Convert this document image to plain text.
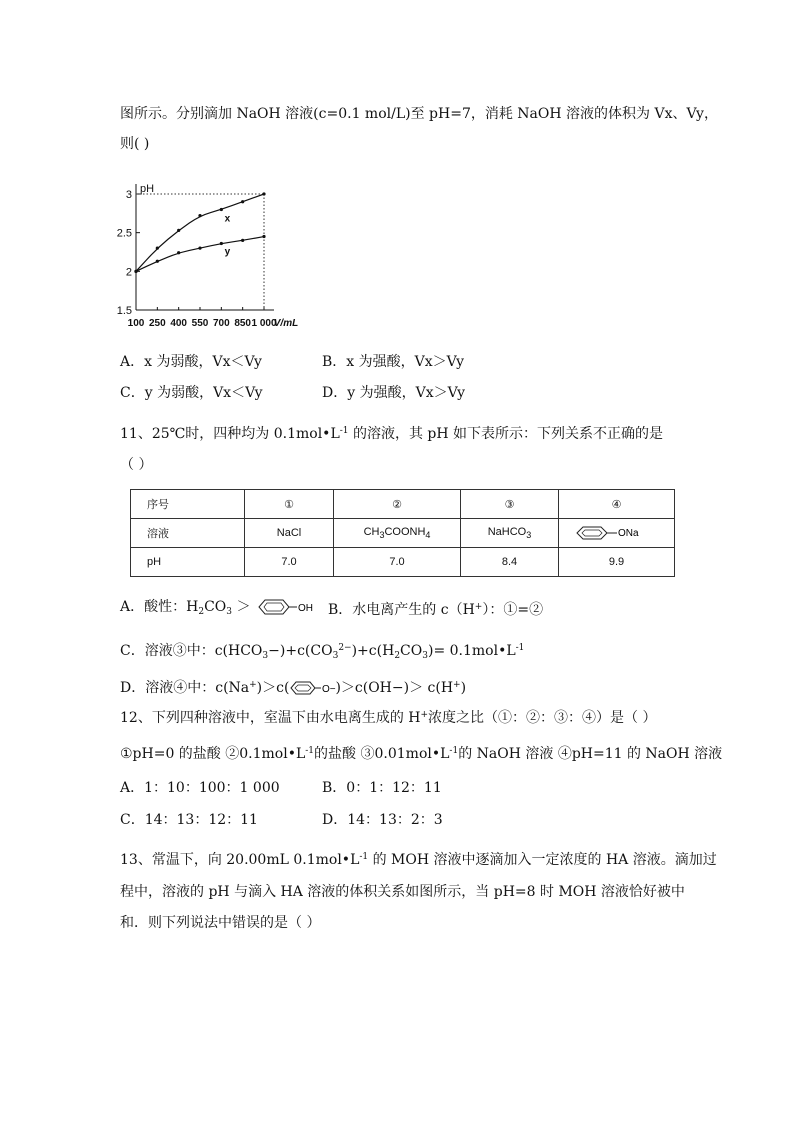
图所示。分别滴加 NaOH 溶液(c=0.1 mol/L)至 pH=7，消耗 NaOH 溶液的体积为 Vx、Vy，
则( )
1.5
2
2.5
3
100 250 400 550 700 850 1 000
V/mL
x
y
pH
A．x 为弱酸，Vx＜Vy	B．x 为强酸，Vx＞Vy
C．y 为弱酸，Vx＜Vy	D．y 为强酸，Vx＞Vy
11、25℃时，四种均为 $0.1mol•L^{-1}$ 的溶液，其 pH 如下表所示：下列关系不正确的是
（ ）
序号	①	②	③	④
溶液	NaCl	$CH_3COONH_4$	NaHCO$_3$	ONa

pH	7.0	7.0	8.4	9.9
A．酸性：$H_2CO_3$ ＞	OH B．水电离产生的 c（H+）：①=②
C．溶液③中：$c(HCO_3-)+c(CO_3^{2-})+c(H_2CO_3)=$ $0.1mol•L^{-1}$
D．溶液④中：c(Na+)＞c(	O− )＞c(OH−)＞ c(H+)
12、下列四种溶液中，室温下由水电离生成的 H+浓度之比（①：②：③：④）是（ ）
①pH=0 的盐酸 $②0.1mol•L^{-1}$的盐酸 $③0.01mol•L^{-1}$的 NaOH 溶液 ④pH=11 的 NaOH 溶液
A．1：10：100：1 000	B．0：1：12：11
C．14：13：12：11	D．14：13：2：3
13、常温下，向 20.00mL $0.1mol•L^{-1}$ 的 MOH 溶液中逐滴加入一定浓度的 HA 溶液。滴加过
程中，溶液的 pH 与滴入 HA 溶液的体积关系如图所示，当 pH=8 时 MOH 溶液恰好被中
和．则下列说法中错误的是（ ）
